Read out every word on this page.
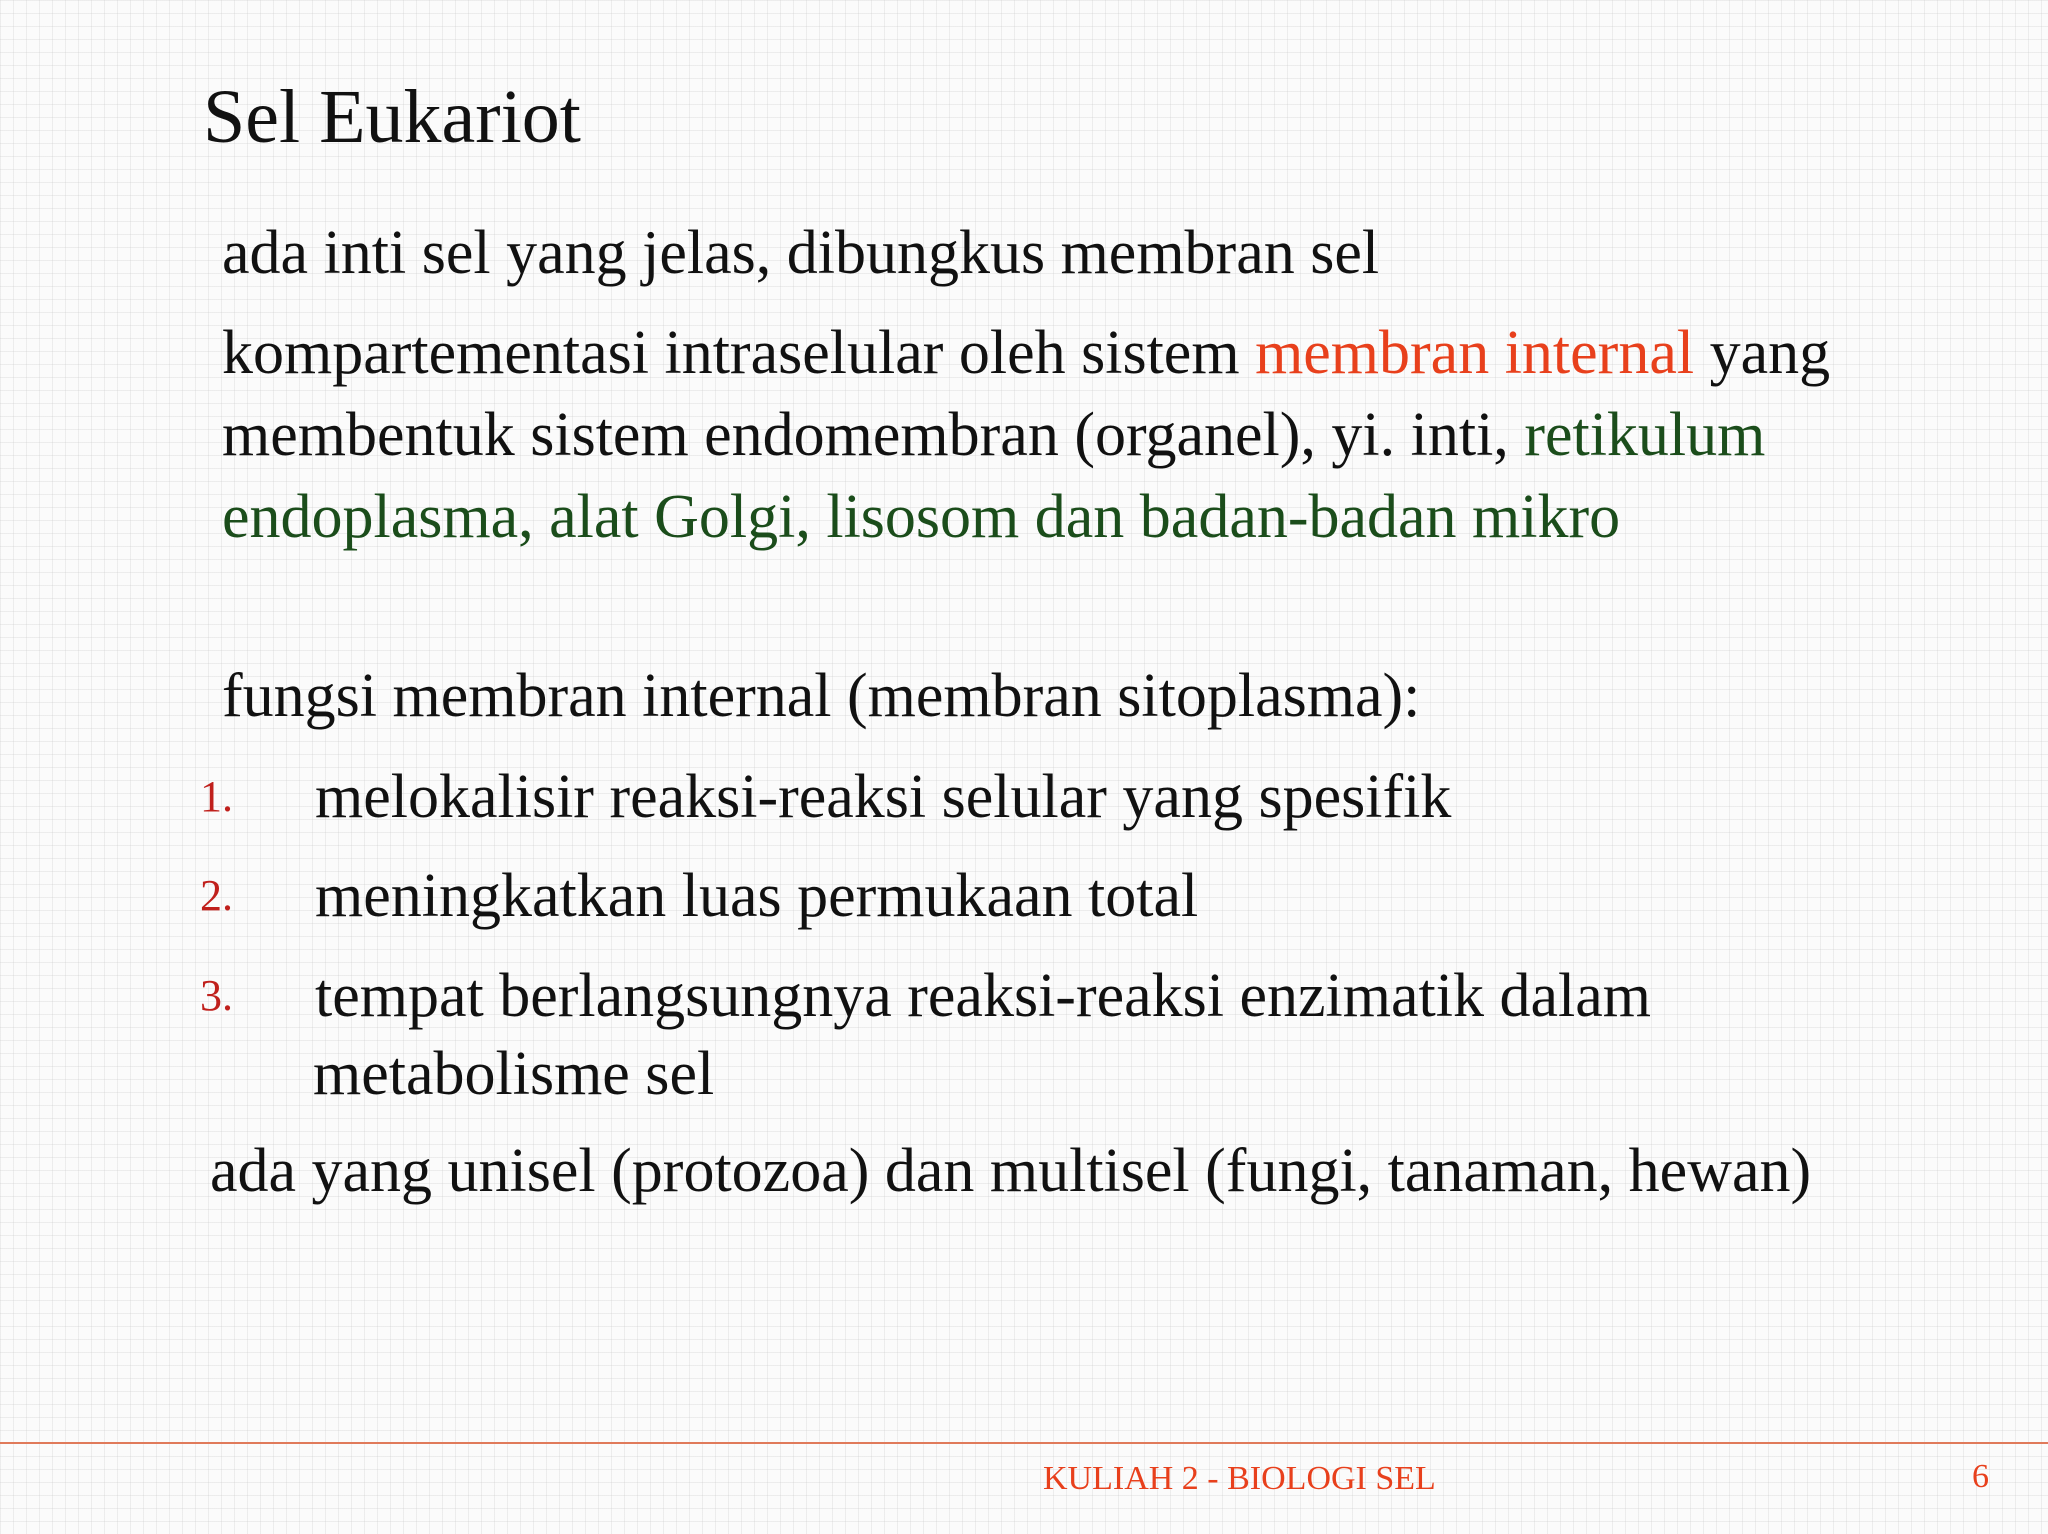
Sel Eukariot
ada inti sel yang jelas, dibungkus membran sel
kompartementasi intraselular oleh sistem membran internal yang membentuk sistem endomembran (organel), yi. inti, retikulum endoplasma, alat Golgi, lisosom dan badan-badan mikro
fungsi membran internal (membran sitoplasma):
1. melokalisir reaksi-reaksi selular yang spesifik
2. meningkatkan luas permukaan total
3. tempat berlangsungnya reaksi-reaksi enzimatik dalam
metabolisme sel
ada yang unisel (protozoa) dan multisel (fungi, tanaman, hewan)
KULIAH 2 - BIOLOGI SEL	6
